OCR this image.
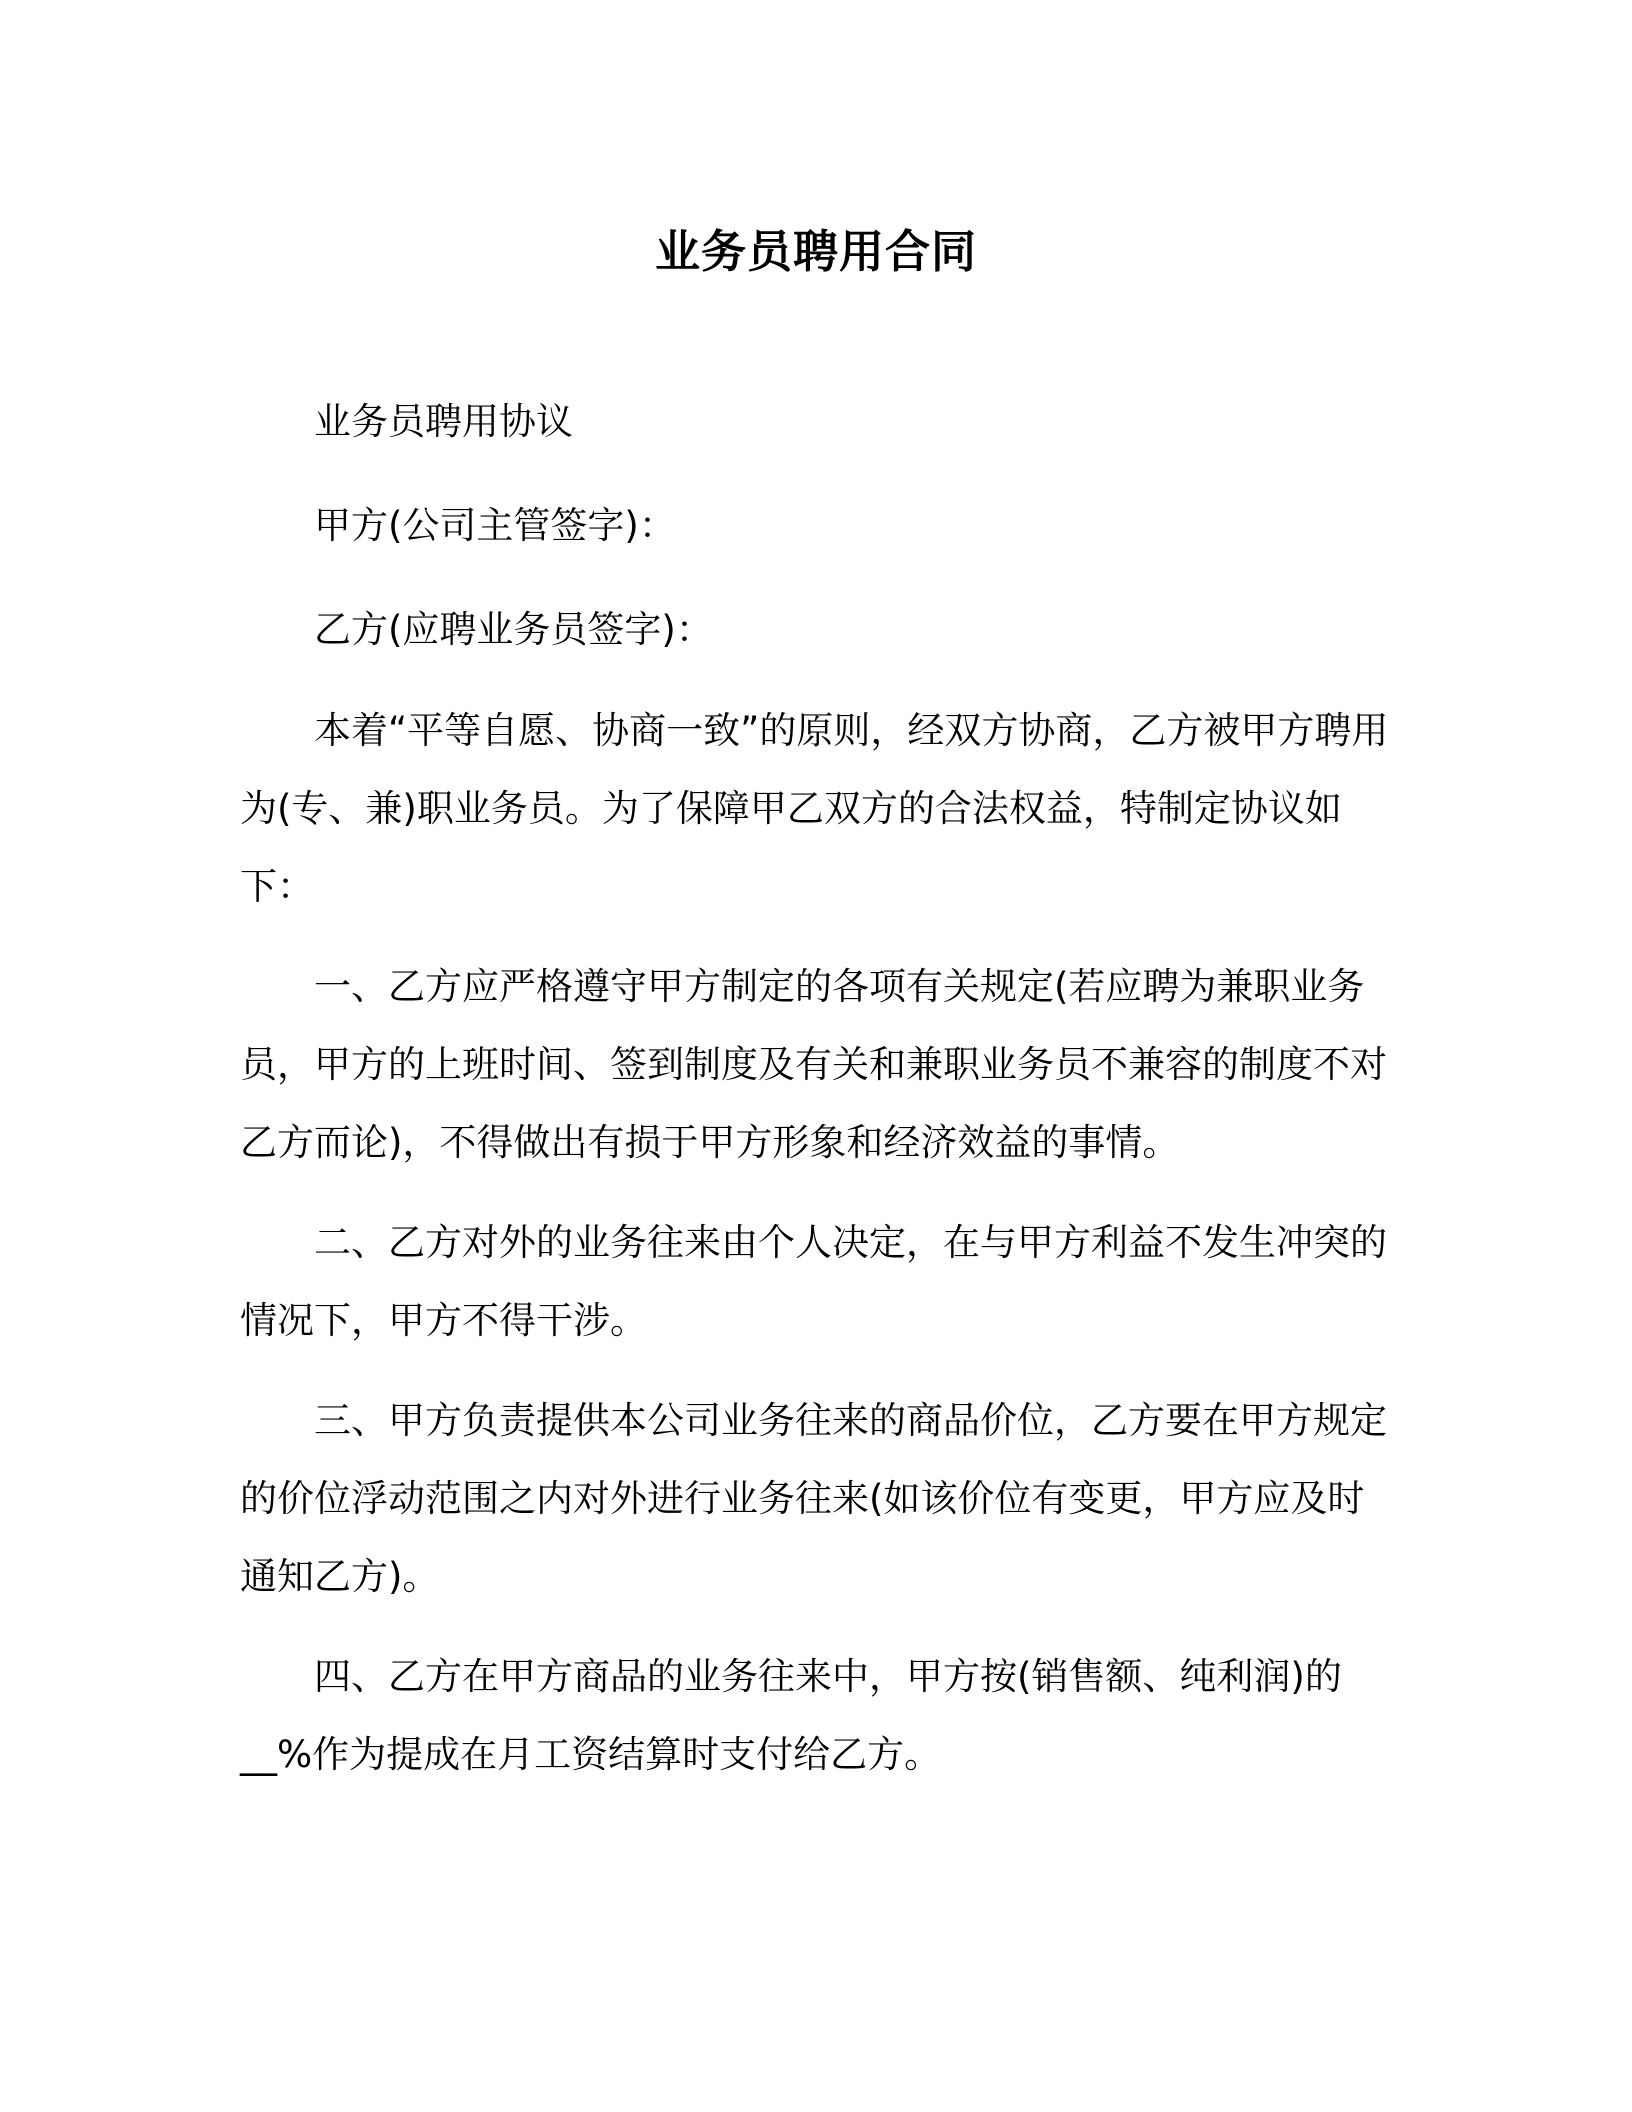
业务员聘用合同
业务员聘用协议
甲方(公司主管签字)：
乙方(应聘业务员签字)：

本着“平等自愿、协商一致”的原则，经双方协商，乙方被甲方聘用为(专、兼)职业务员。为了保障甲乙双方的合法权益，特制定协议如下：

一、乙方应严格遵守甲方制定的各项有关规定(若应聘为兼职业务员，甲方的上班时间、签到制度及有关和兼职业务员不兼容的制度不对乙方而论)，不得做出有损于甲方形象和经济效益的事情。

二、乙方对外的业务往来由个人决定，在与甲方利益不发生冲突的情况下，甲方不得干涉。

三、甲方负责提供本公司业务往来的商品价位，乙方要在甲方规定的价位浮动范围之内对外进行业务往来(如该价位有变更，甲方应及时通知乙方)。

四、乙方在甲方商品的业务往来中，甲方按(销售额、纯利润)的__%作为提成在月工资结算时支付给乙方。
